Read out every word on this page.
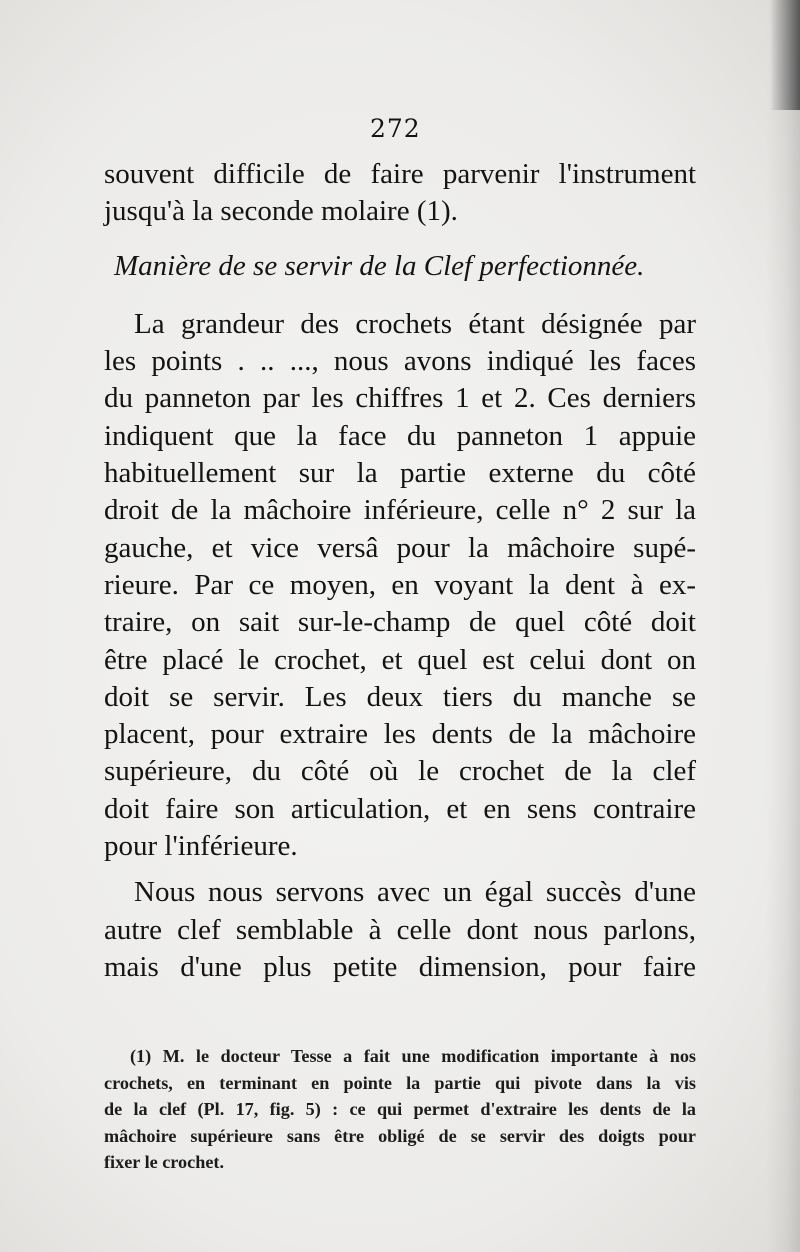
272
souvent difficile de faire parvenir l'instrument
jusqu'à la seconde molaire (1).
Manière de se servir de la Clef perfectionnée.
La grandeur des crochets étant désignée par
les points . .. ..., nous avons indiqué les faces
du panneton par les chiffres 1 et 2. Ces derniers
indiquent que la face du panneton 1 appuie
habituellement sur la partie externe du côté
droit de la mâchoire inférieure, celle n° 2 sur la
gauche, et vice versâ pour la mâchoire supé-
rieure. Par ce moyen, en voyant la dent à ex-
traire, on sait sur-le-champ de quel côté doit
être placé le crochet, et quel est celui dont on
doit se servir. Les deux tiers du manche se
placent, pour extraire les dents de la mâchoire
supérieure, du côté où le crochet de la clef
doit faire son articulation, et en sens contraire
pour l'inférieure.
Nous nous servons avec un égal succès d'une
autre clef semblable à celle dont nous parlons,
mais d'une plus petite dimension, pour faire
(1) M. le docteur Tesse a fait une modification importante à nos
crochets, en terminant en pointe la partie qui pivote dans la vis
de la clef (Pl. 17, fig. 5) : ce qui permet d'extraire les dents de la
mâchoire supérieure sans être obligé de se servir des doigts pour
fixer le crochet.
